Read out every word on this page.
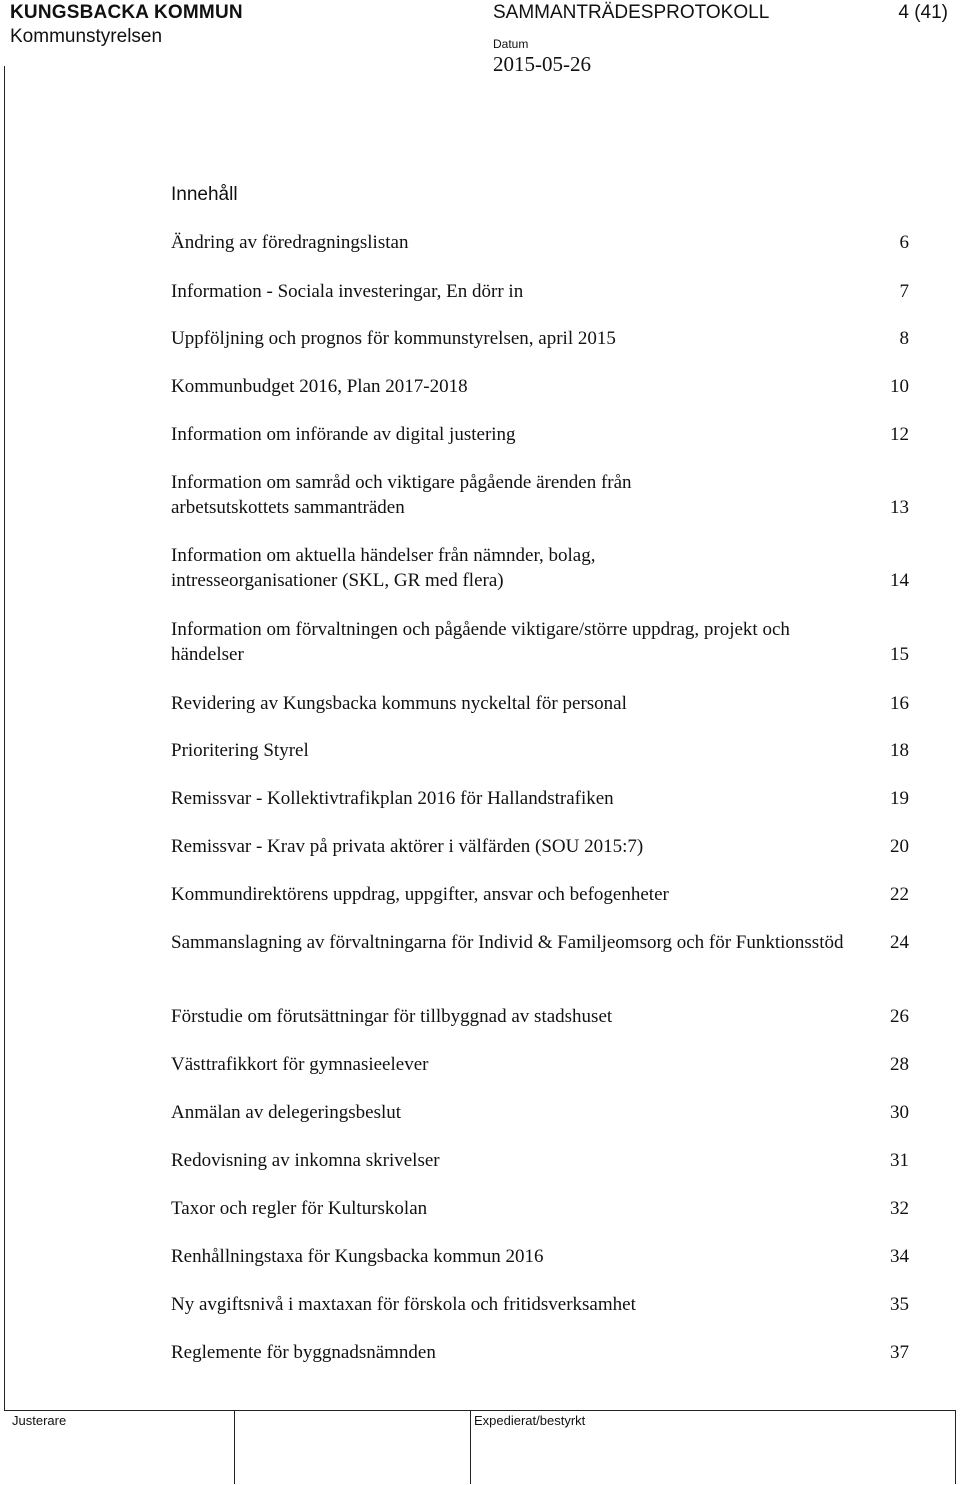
KUNGSBACKA KOMMUN
Kommunstyrelsen
SAMMANTRÄDESPROTOKOLL	4 (41)
Datum
2015-05-26
Innehåll
Ändring av föredragningslistan	6
Information - Sociala investeringar, En dörr in	7
Uppföljning och prognos för kommunstyrelsen, april 2015	8
Kommunbudget 2016, Plan 2017-2018	10
Information om införande av digital justering	12
Information om samråd och viktigare pågående ärenden från arbetsutskottets sammanträden	13
Information om aktuella händelser från nämnder, bolag, intresseorganisationer (SKL, GR med flera)	14
Information om förvaltningen och pågående viktigare/större uppdrag, projekt och händelser	15
Revidering av Kungsbacka kommuns nyckeltal för personal	16
Prioritering Styrel	18
Remissvar - Kollektivtrafikplan 2016 för Hallandstrafiken	19
Remissvar - Krav på privata aktörer i välfärden (SOU 2015:7)	20
Kommundirektörens uppdrag, uppgifter, ansvar och befogenheter	22
Sammanslagning av förvaltningarna för Individ & Familjeomsorg och för Funktionsstöd	24
Förstudie om förutsättningar för tillbyggnad av stadshuset	26
Västtrafikkort för gymnasieelever	28
Anmälan av delegeringsbeslut	30
Redovisning av inkomna skrivelser	31
Taxor och regler för Kulturskolan	32
Renhållningstaxa för Kungsbacka kommun 2016	34
Ny avgiftsnivå i maxtaxan för förskola och fritidsverksamhet	35
Reglemente för byggnadsnämnden	37
Justerare	Expedierat/bestyrkt
